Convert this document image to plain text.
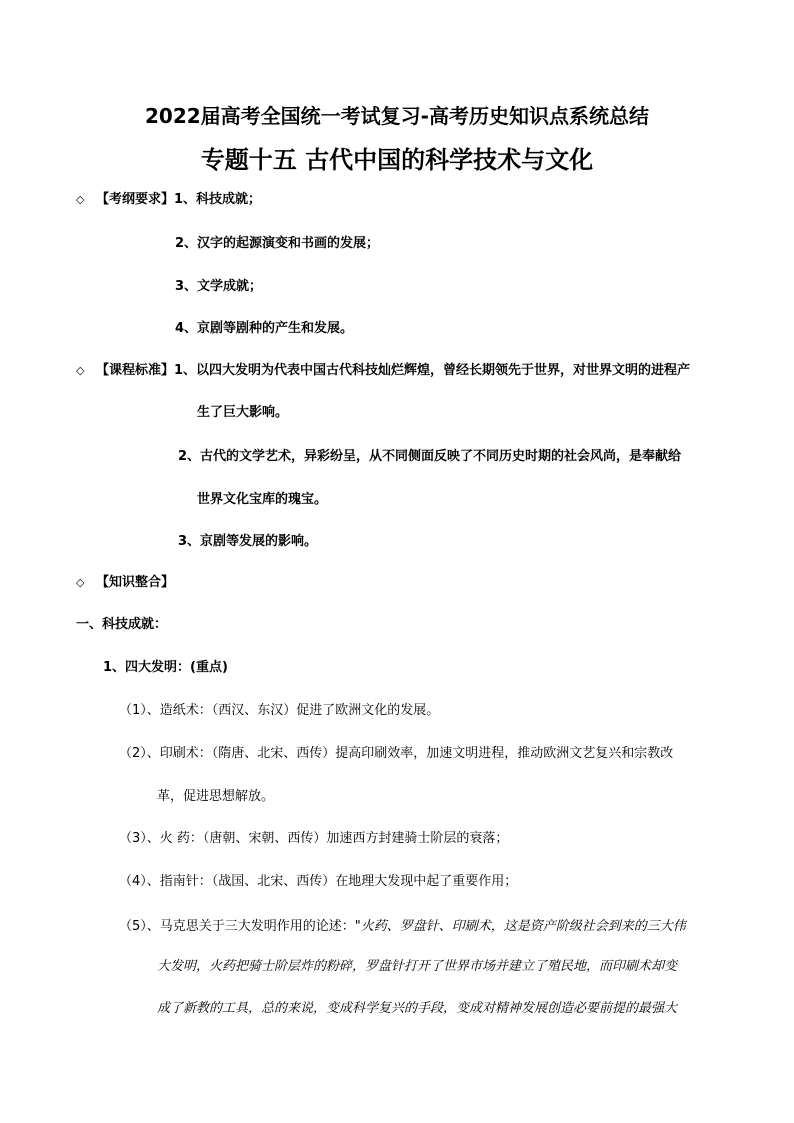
2022届高考全国统一考试复习-高考历史知识点系统总结
专题十五 古代中国的科学技术与文化
◇ 【考纲要求】1、科技成就；
2、汉字的起源演变和书画的发展；
3、文学成就；
4、京剧等剧种的产生和发展。
◇ 【课程标准】1、以四大发明为代表中国古代科技灿烂辉煌，曾经长期领先于世界，对世界文明的进程产
生了巨大影响。
2、古代的文学艺术，异彩纷呈，从不同侧面反映了不同历史时期的社会风尚，是奉献给
世界文化宝库的瑰宝。
3、京剧等发展的影响。
◇ 【知识整合】
一、科技成就：
1、四大发明：(重点)
（1）、造纸术：（西汉、东汉）促进了欧洲文化的发展。
（2）、印刷术：（隋唐、北宋、西传）提高印刷效率，加速文明进程，推动欧洲文艺复兴和宗教改
革，促进思想解放。
（3）、火 药：（唐朝、宋朝、西传）加速西方封建骑士阶层的衰落；
（4）、指南针：（战国、北宋、西传）在地理大发现中起了重要作用；
（5）、马克思关于三大发明作用的论述："火药、罗盘针、印刷术，这是资产阶级社会到来的三大伟
大发明，火药把骑士阶层炸的粉碎，罗盘针打开了世界市场并建立了殖民地，而印刷术却变
成了新教的工具，总的来说，变成科学复兴的手段，变成对精神发展创造必要前提的最强大
